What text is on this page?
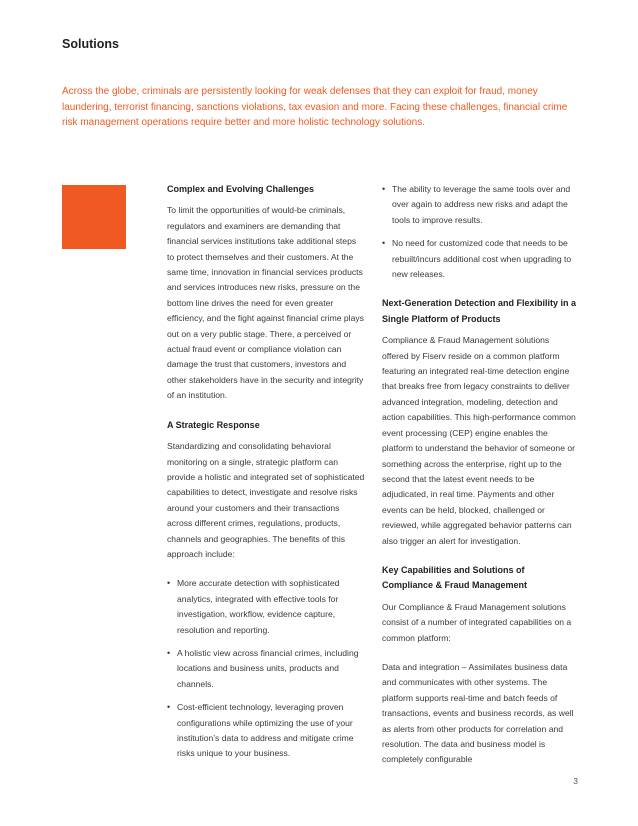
Solutions

Across the globe, criminals are persistently looking for weak defenses that they can exploit for fraud, money laundering, terrorist financing, sanctions violations, tax evasion and more. Facing these challenges, financial crime risk management operations require better and more holistic technology solutions.

Complex and Evolving Challenges

To limit the opportunities of would-be criminals, regulators and examiners are demanding that financial services institutions take additional steps to protect themselves and their customers. At the same time, innovation in financial services products and services introduces new risks, pressure on the bottom line drives the need for even greater efficiency, and the fight against financial crime plays out on a very public stage. There, a perceived or actual fraud event or compliance violation can damage the trust that customers, investors and other stakeholders have in the security and integrity of an institution.

A Strategic Response

Standardizing and consolidating behavioral monitoring on a single, strategic platform can provide a holistic and integrated set of sophisticated capabilities to detect, investigate and resolve risks around your customers and their transactions across different crimes, regulations, products, channels and geographies. The benefits of this approach include:

• More accurate detection with sophisticated analytics, integrated with effective tools for investigation, workflow, evidence capture, resolution and reporting.
• A holistic view across financial crimes, including locations and business units, products and channels.
• Cost-efficient technology, leveraging proven configurations while optimizing the use of your institution’s data to address and mitigate crime risks unique to your business.
• The ability to leverage the same tools over and over again to address new risks and adapt the tools to improve results.
• No need for customized code that needs to be rebuilt/incurs additional cost when upgrading to new releases.
Next-Generation Detection and Flexibility in a Single Platform of Products

Compliance & Fraud Management solutions offered by Fiserv reside on a common platform featuring an integrated real-time detection engine that breaks free from legacy constraints to deliver advanced integration, modeling, detection and action capabilities. This high-performance common event processing (CEP) engine enables the platform to understand the behavior of someone or something across the enterprise, right up to the second that the latest event needs to be adjudicated, in real time. Payments and other events can be held, blocked, challenged or reviewed, while aggregated behavior patterns can also trigger an alert for investigation.

Key Capabilities and Solutions of Compliance & Fraud Management

Our Compliance & Fraud Management solutions consist of a number of integrated capabilities on a common platform:

Data and integration – Assimilates business data and communicates with other systems. The platform supports real-time and batch feeds of transactions, events and business records, as well as alerts from other products for correlation and resolution. The data and business model is completely configurable

3
